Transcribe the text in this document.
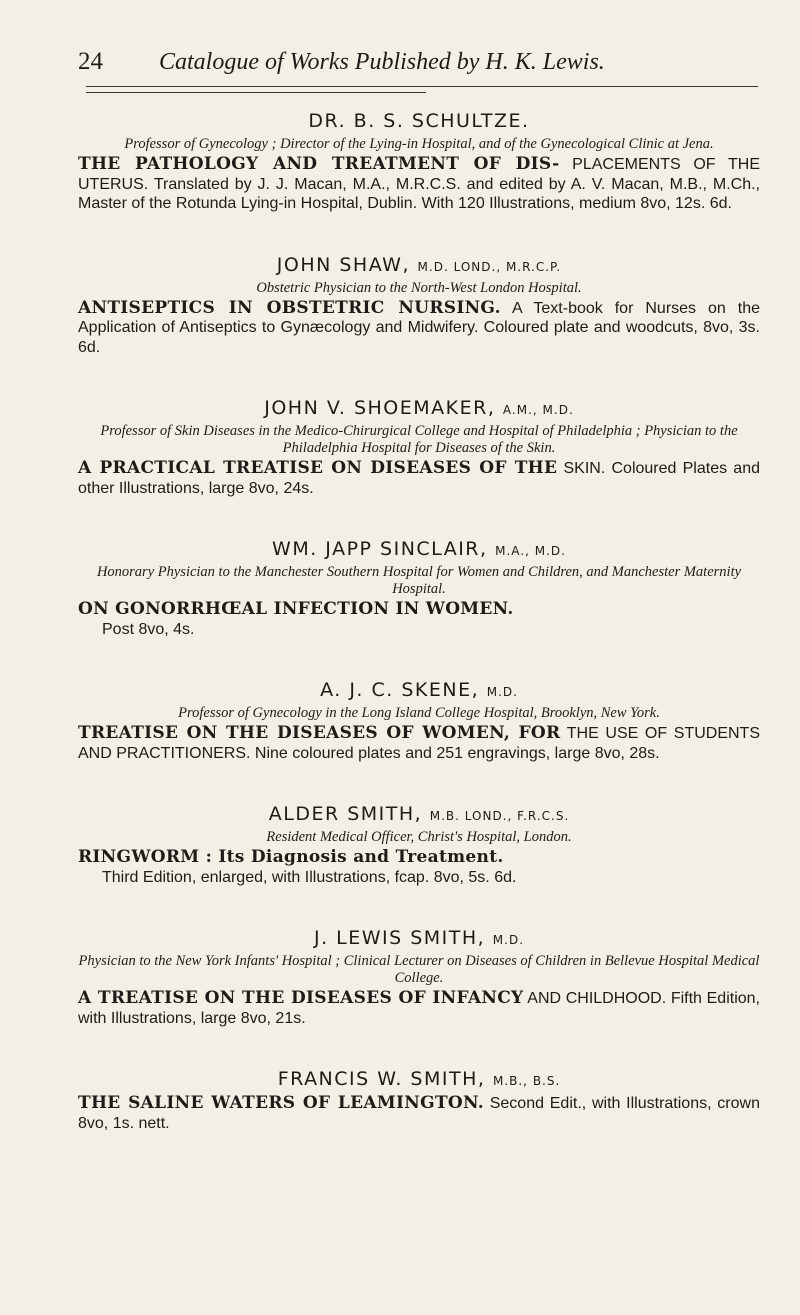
24 Catalogue of Works Published by H. K. Lewis.
DR. B. S. SCHULTZE.
Professor of Gynecology ; Director of the Lying-in Hospital, and of the Gynecological Clinic at Jena.
THE PATHOLOGY AND TREATMENT OF DIS- PLACEMENTS OF THE UTERUS. Translated by J. J. Macan, M.A., M.R.C.S. and edited by A. V. Macan, M.B., M.Ch., Master of the Rotunda Lying-in Hospital, Dublin. With 120 Illustrations, medium 8vo, 12s. 6d.
JOHN SHAW, M.D. LOND., M.R.C.P.
Obstetric Physician to the North-West London Hospital.
ANTISEPTICS IN OBSTETRIC NURSING. A Text-book for Nurses on the Application of Antiseptics to Gynæcology and Midwifery. Coloured plate and woodcuts, 8vo, 3s. 6d.
JOHN V. SHOEMAKER, A.M., M.D.
Professor of Skin Diseases in the Medico-Chirurgical College and Hospital of Philadelphia ; Physician to the Philadelphia Hospital for Diseases of the Skin.
A PRACTICAL TREATISE ON DISEASES OF THE SKIN. Coloured Plates and other Illustrations, large 8vo, 24s.
WM. JAPP SINCLAIR, M.A., M.D.
Honorary Physician to the Manchester Southern Hospital for Women and Children, and Manchester Maternity Hospital.
ON GONORRHŒAL INFECTION IN WOMEN.
Post 8vo, 4s.
A. J. C. SKENE, M.D.
Professor of Gynecology in the Long Island College Hospital, Brooklyn, New York.
TREATISE ON THE DISEASES OF WOMEN, FOR THE USE OF STUDENTS AND PRACTITIONERS. Nine coloured plates and 251 engravings, large 8vo, 28s.
ALDER SMITH, M.B. LOND., F.R.C.S.
Resident Medical Officer, Christ's Hospital, London.
RINGWORM : Its Diagnosis and Treatment.
Third Edition, enlarged, with Illustrations, fcap. 8vo, 5s. 6d.
J. LEWIS SMITH, M.D.
Physician to the New York Infants' Hospital ; Clinical Lecturer on Diseases of Children in Bellevue Hospital Medical College.
A TREATISE ON THE DISEASES OF INFANCY AND CHILDHOOD. Fifth Edition, with Illustrations, large 8vo, 21s.
FRANCIS W. SMITH, M.B., B.S.
THE SALINE WATERS OF LEAMINGTON. Second Edit., with Illustrations, crown 8vo, 1s. nett.
